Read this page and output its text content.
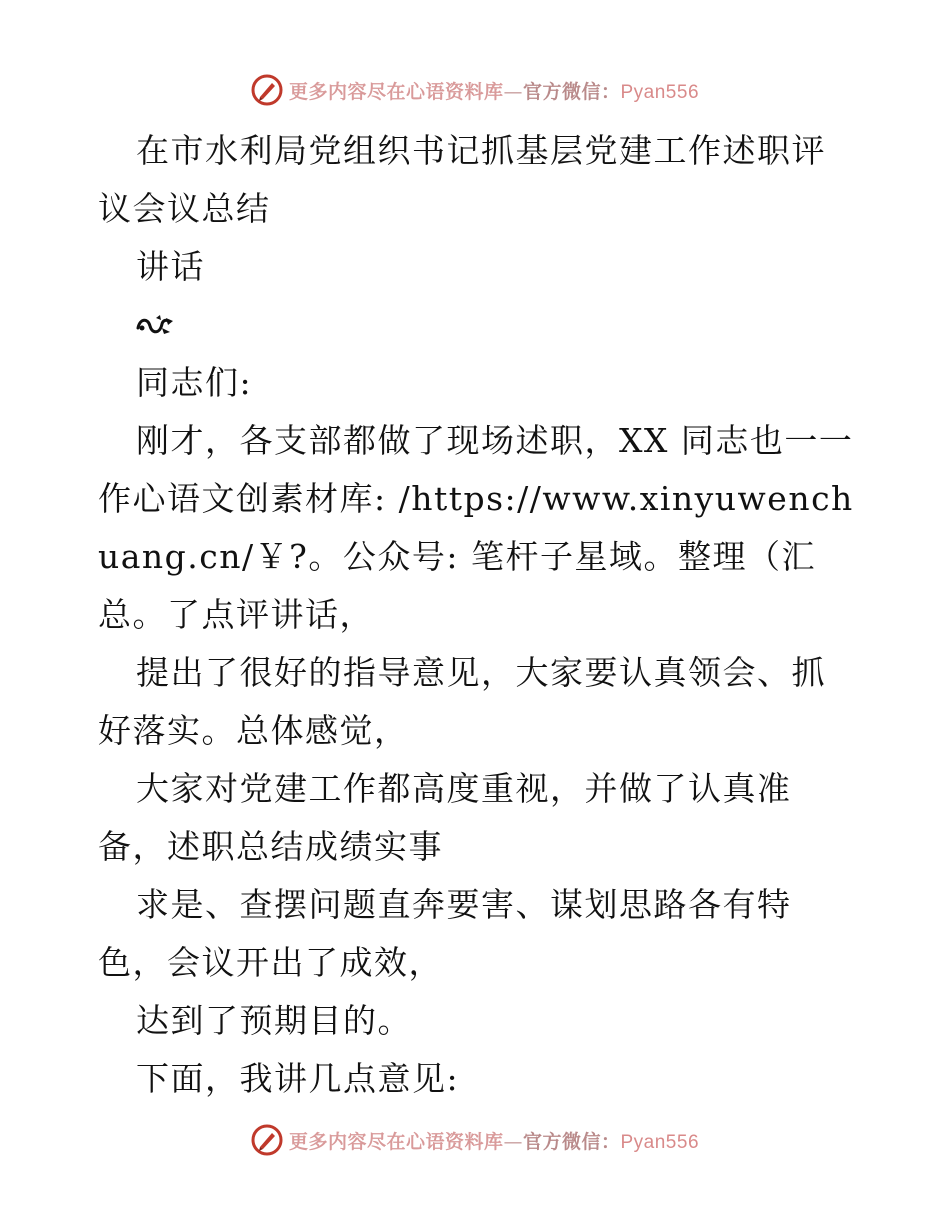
更多内容尽在心语资料库—官方微信：Pyan556

在市水利局党组织书记抓基层党建工作述职评议会议总结

讲话

同志们:

刚才，各支部都做了现场述职，XX 同志也一一作心语文创素材库: /https://www.xinyuwenchuang.cn/￥?。公众号: 笔杆子星域。整理（汇总。了点评讲话，

提出了很好的指导意见，大家要认真领会、抓好落实。总体感觉，

大家对党建工作都高度重视，并做了认真准备，述职总结成绩实事

求是、查摆问题直奔要害、谋划思路各有特色，会议开出了成效，

达到了预期目的。

下面，我讲几点意见:

更多内容尽在心语资料库—官方微信：Pyan556
